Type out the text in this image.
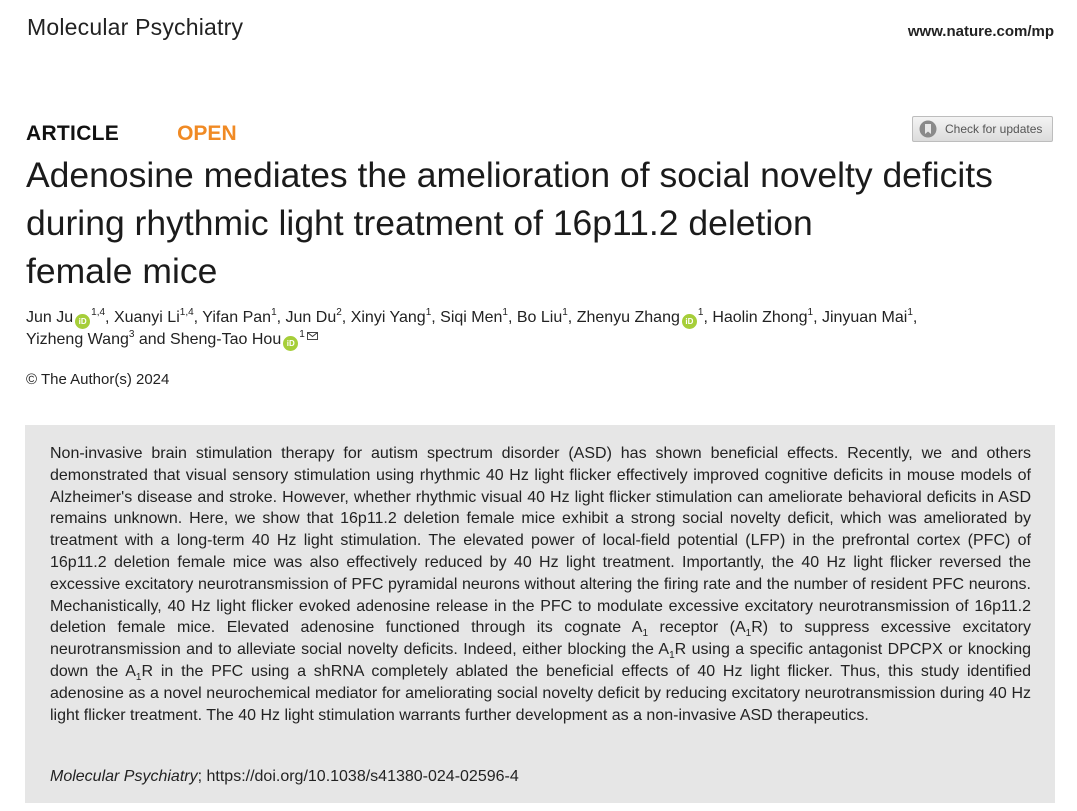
Molecular Psychiatry	www.nature.com/mp
ARTICLE	OPEN	Check for updates
Adenosine mediates the amelioration of social novelty deficits
during rhythmic light treatment of 16p11.2 deletion
female mice
Jun Ju iD$^{1,4}$, Xuanyi Li$^{1,4}$, Yifan Pan$^1$, Jun Du$^2$, Xinyi Yang$^1$, Siqi Men$^1$, Bo Liu$^1$, Zhenyu Zhang $iD^1$, Haolin Zhong$^1$, Jinyuan Mai$^1$,
Yizheng Wang$^3$ and Sheng-Tao Hou $iD^1$
© The Author(s) 2024

Non-invasive brain stimulation therapy for autism spectrum disorder (ASD) has shown beneficial effects. Recently, we and others demonstrated that visual sensory stimulation using rhythmic 40 Hz light flicker effectively improved cognitive deficits in mouse models of Alzheimer's disease and stroke. However, whether rhythmic visual 40 Hz light flicker stimulation can ameliorate behavioral deficits in ASD remains unknown. Here, we show that 16p11.2 deletion female mice exhibit a strong social novelty deficit, which was ameliorated by treatment with a long-term 40 Hz light stimulation. The elevated power of local-field potential (LFP) in the prefrontal cortex (PFC) of 16p11.2 deletion female mice was also effectively reduced by 40 Hz light treatment. Importantly, the 40 Hz light flicker reversed the excessive excitatory neurotransmission of PFC pyramidal neurons without altering the firing rate and the number of resident PFC neurons. Mechanistically, 40 Hz light flicker evoked adenosine release in the PFC to modulate excessive excitatory neurotransmission of 16p11.2 deletion female mice. Elevated adenosine functioned through its cognate $A_1$ receptor $(A_1R)$ to suppress excessive excitatory neurotransmission and to alleviate social novelty deficits. Indeed, either blocking the $A_1R$ using a specific antagonist DPCPX or knocking down the $A_1R$ in the PFC using a shRNA completely ablated the beneficial effects of 40 Hz light flicker. Thus, this study identified adenosine as a novel neurochemical mediator for ameliorating social novelty deficit by reducing excitatory neurotransmission during 40 Hz light flicker treatment. The 40 Hz light stimulation warrants further development as a non-invasive ASD therapeutics.

Molecular Psychiatry; https://doi.org/10.1038/s41380-024-02596-4
